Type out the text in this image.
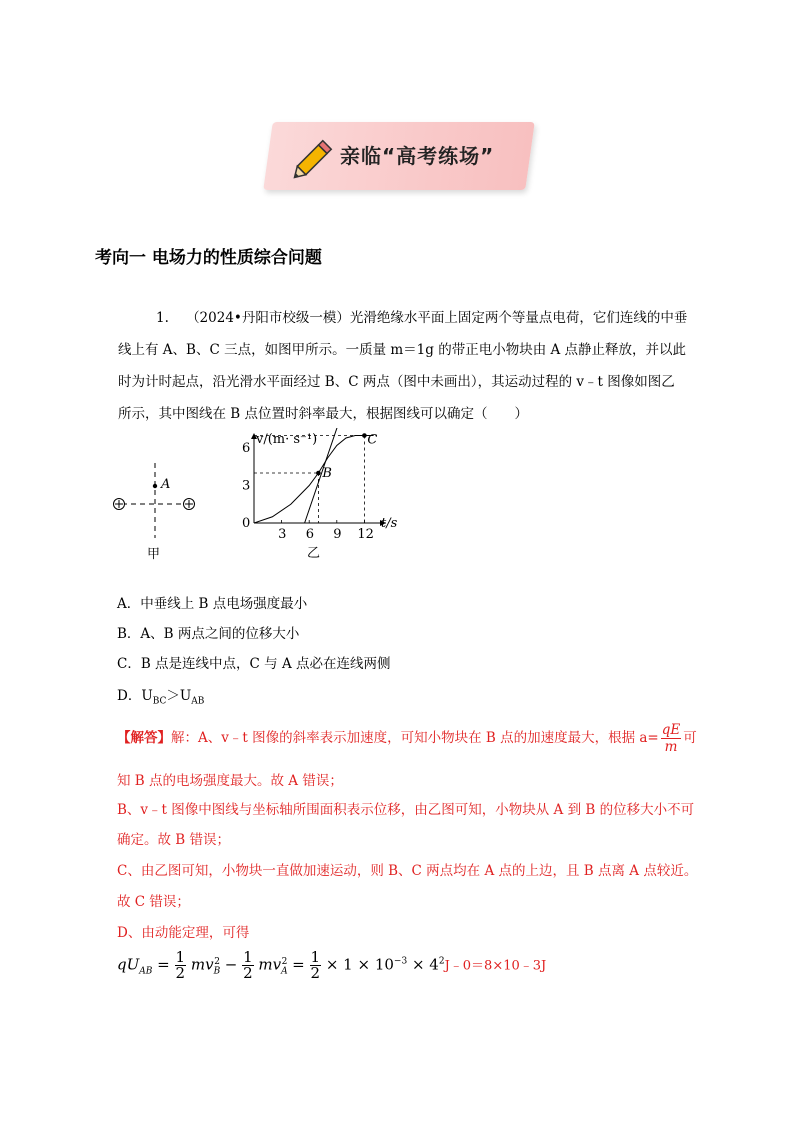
亲临“高考练场”
考向一 电场力的性质综合问题
1. （2024•丹阳市校级一模）光滑绝缘水平面上固定两个等量点电荷，它们连线的中垂
线上有 A、B、C 三点，如图甲所示。一质量 m＝1g 的带正电小物块由 A 点静止释放，并以此
时为计时起点，沿光滑水平面经过 B、C 两点（图中未画出），其运动过程的 v﹣t 图像如图乙
所示，其中图线在 B 点位置时斜率最大，根据图线可以确定（　　）
A
甲
3 6 9 12
0
3
6
B
C
v/(m· s⁻¹)
t/s
乙
A．中垂线上 B 点电场强度最小
B．A、B 两点之间的位移大小
C．B 点是连线中点，C 与 A 点必在连线两侧
D．$U_{BC}>U_{AB}$
【解答】解：A、v﹣t 图像的斜率表示加速度，可知小物块在 B 点的加速度最大，根据 $a= \frac{qE}{m}$ 可
知 B 点的电场强度最大。故 A 错误；
B、v﹣t 图像中图线与坐标轴所围面积表示位移，由乙图可知，小物块从 A 到 B 的位移大小不可
确定。故 B 错误；
C、由乙图可知，小物块一直做加速运动，则 B、C 两点均在 A 点的上边，且 B 点离 A 点较近。
故 C 错误；
D、由动能定理，可得
$qU_{AB} = \frac{1}{2} mv_B^2 - \frac{1}{2} mv_A^2 = \frac{1}{2} \times 1 \times 10^{-3}$ × $4^2J﹣0=8\times 10﹣3J$
